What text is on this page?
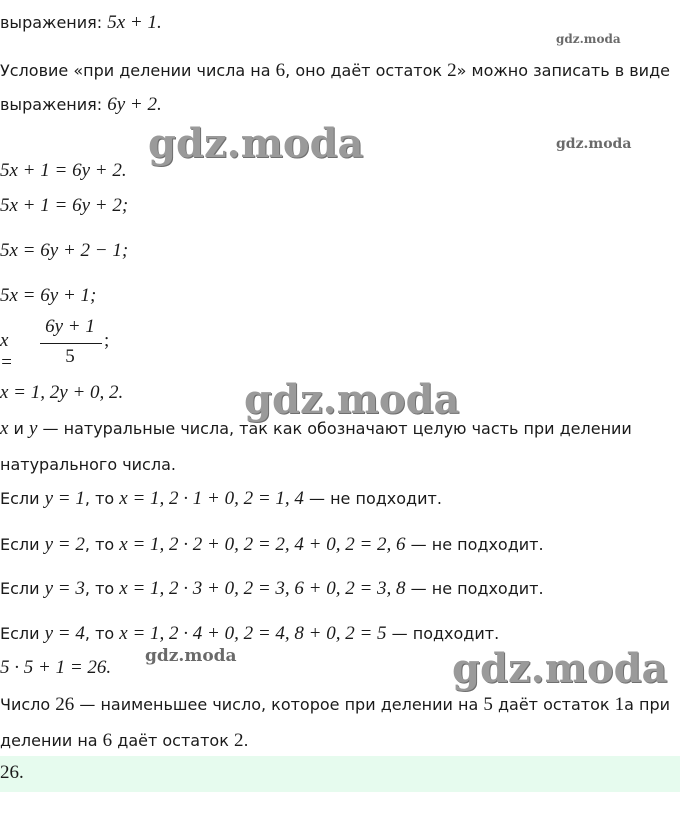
gdz.moda
gdz.moda	gdz.moda
gdz.moda
gdz.moda	gdz.moda
выражения: 5x + 1.
Условие «при делении числа на 6, оно даёт остаток 2» можно записать в виде
выражения: 6y + 2.
5x + 1 = 6y + 2.
5x + 1 = 6y + 2;
5x = 6y + 2 − 1;
5x = 6y + 1;
x =
6y + 1
5
;
x = 1, 2y + 0, 2.
x и y — натуральные числа, так как обозначают целую часть при делении
натурального числа.
Если y = 1, то x = 1, 2 · 1 + 0, 2 = 1, 4 — не подходит.
Если y = 2, то x = 1, 2 · 2 + 0, 2 = 2, 4 + 0, 2 = 2, 6 — не подходит.
Если y = 3, то x = 1, 2 · 3 + 0, 2 = 3, 6 + 0, 2 = 3, 8 — не подходит.
Если y = 4, то x = 1, 2 · 4 + 0, 2 = 4, 8 + 0, 2 = 5 — подходит.
5 · 5 + 1 = 26.
Число 26 — наименьшее число, которое при делении на 5 даёт остаток 1а при
делении на 6 даёт остаток 2.
26.
